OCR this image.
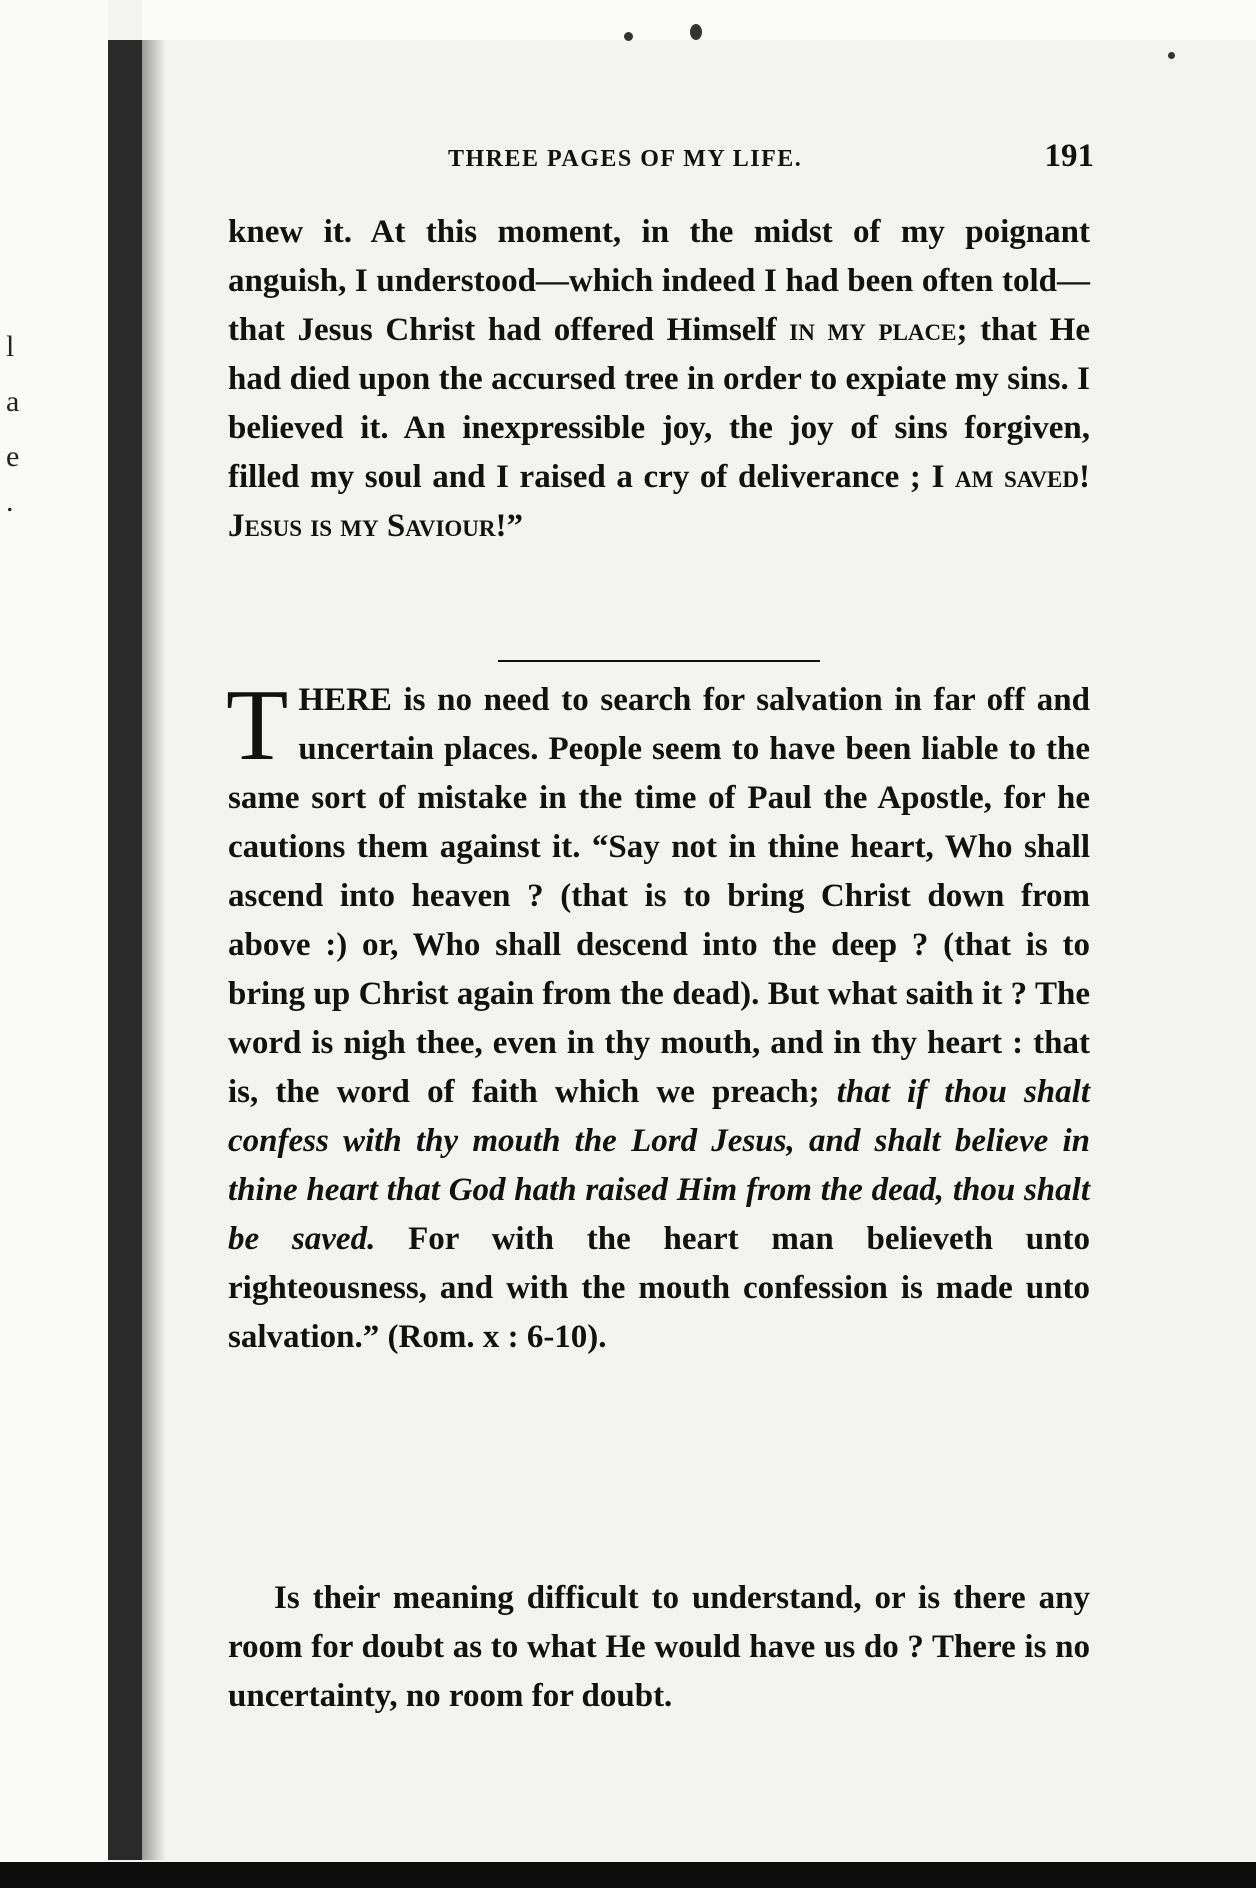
l
a
e
.
THREE PAGES OF MY LIFE.	191

knew it. At this moment, in the midst of my poignant anguish, I understood—which indeed I had been often told—that Jesus Christ had offered Himself in my place; that He had died upon the accursed tree in order to expiate my sins. I believed it. An inexpressible joy, the joy of sins forgiven, filled my soul and I raised a cry of deliverance ; I am saved! Jesus is my Saviour!”

THERE is no need to search for salvation in far off and uncertain places. People seem to have been liable to the same sort of mistake in the time of Paul the Apostle, for he cautions them against it. “Say not in thine heart, Who shall ascend into heaven ? (that is to bring Christ down from above :) or, Who shall descend into the deep ? (that is to bring up Christ again from the dead). But what saith it ? The word is nigh thee, even in thy mouth, and in thy heart : that is, the word of faith which we preach; that if thou shalt confess with thy mouth the Lord Jesus, and shalt believe in thine heart that God hath raised Him from the dead, thou shalt be saved. For with the heart man believeth unto righteousness, and with the mouth confession is made unto salvation.” (Rom. x : 6-10).

Is their meaning difficult to understand, or is there any room for doubt as to what He would have us do ? There is no uncertainty, no room for doubt.
